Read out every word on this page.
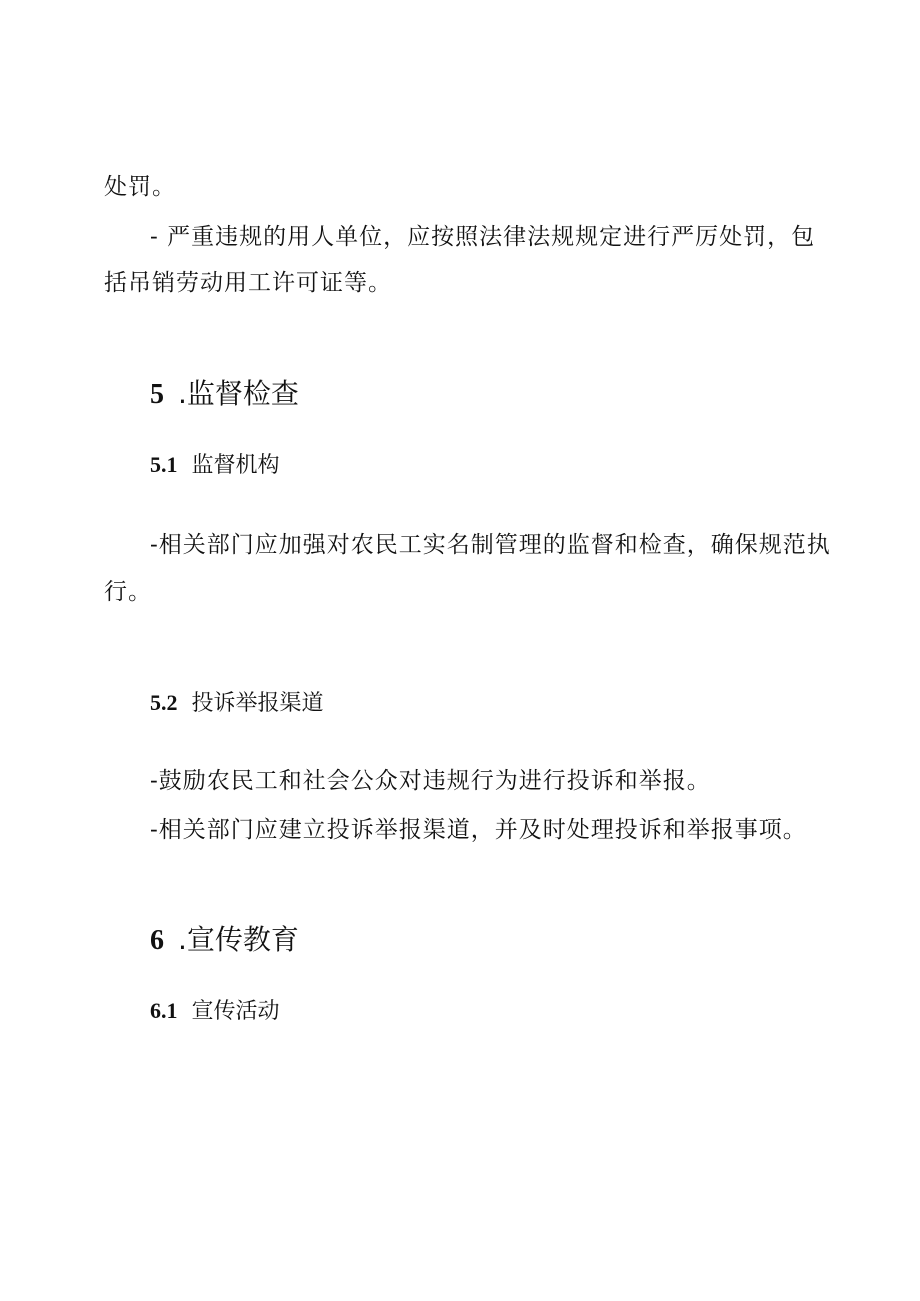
处罚。
- 严重违规的用人单位，应按照法律法规规定进行严厉处罚，包
括吊销劳动用工许可证等。
5 .监督检查
5.1 监督机构
-相关部门应加强对农民工实名制管理的监督和检查，确保规范执
行。
5.2 投诉举报渠道
-鼓励农民工和社会公众对违规行为进行投诉和举报。
-相关部门应建立投诉举报渠道，并及时处理投诉和举报事项。
6 .宣传教育
6.1 宣传活动
